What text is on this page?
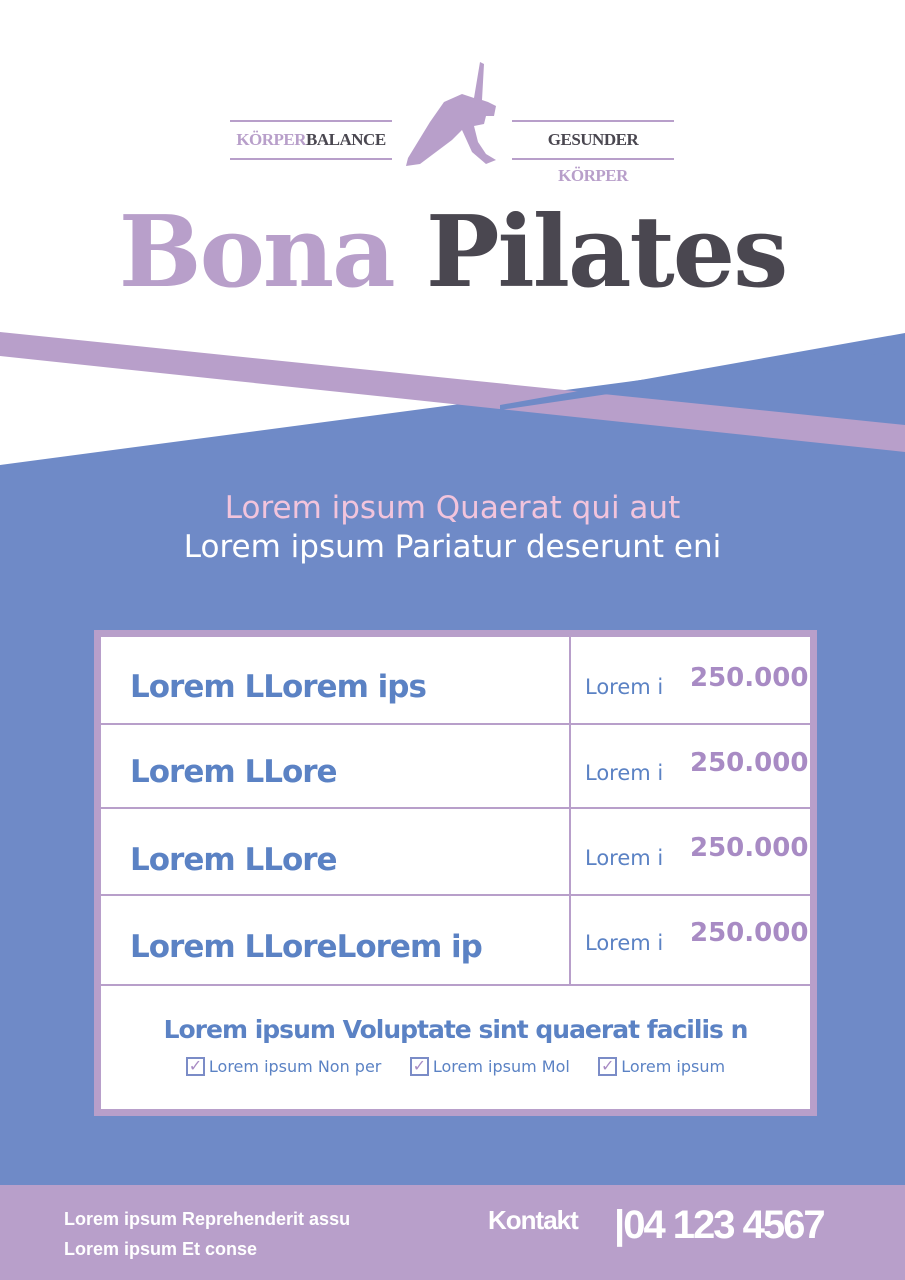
KÖRPERBALANCE	GESUNDER KÖRPER
Bona Pilates
Lorem ipsum Quaerat qui aut
Lorem ipsum Pariatur deserunt eni
Lorem LLorem ips	Lorem i 250.000
Lorem LLore	Lorem i 250.000
Lorem LLore	Lorem i 250.000
Lorem LLoreLorem ip	Lorem i 250.000
Lorem ipsum Voluptate sint quaerat facilis n
✓ Lorem ipsum Non per
✓ Lorem ipsum Mol
✓ Lorem ipsum
Lorem ipsum Reprehenderit assu
Lorem ipsum Et conse
Kontakt |04 123 4567
